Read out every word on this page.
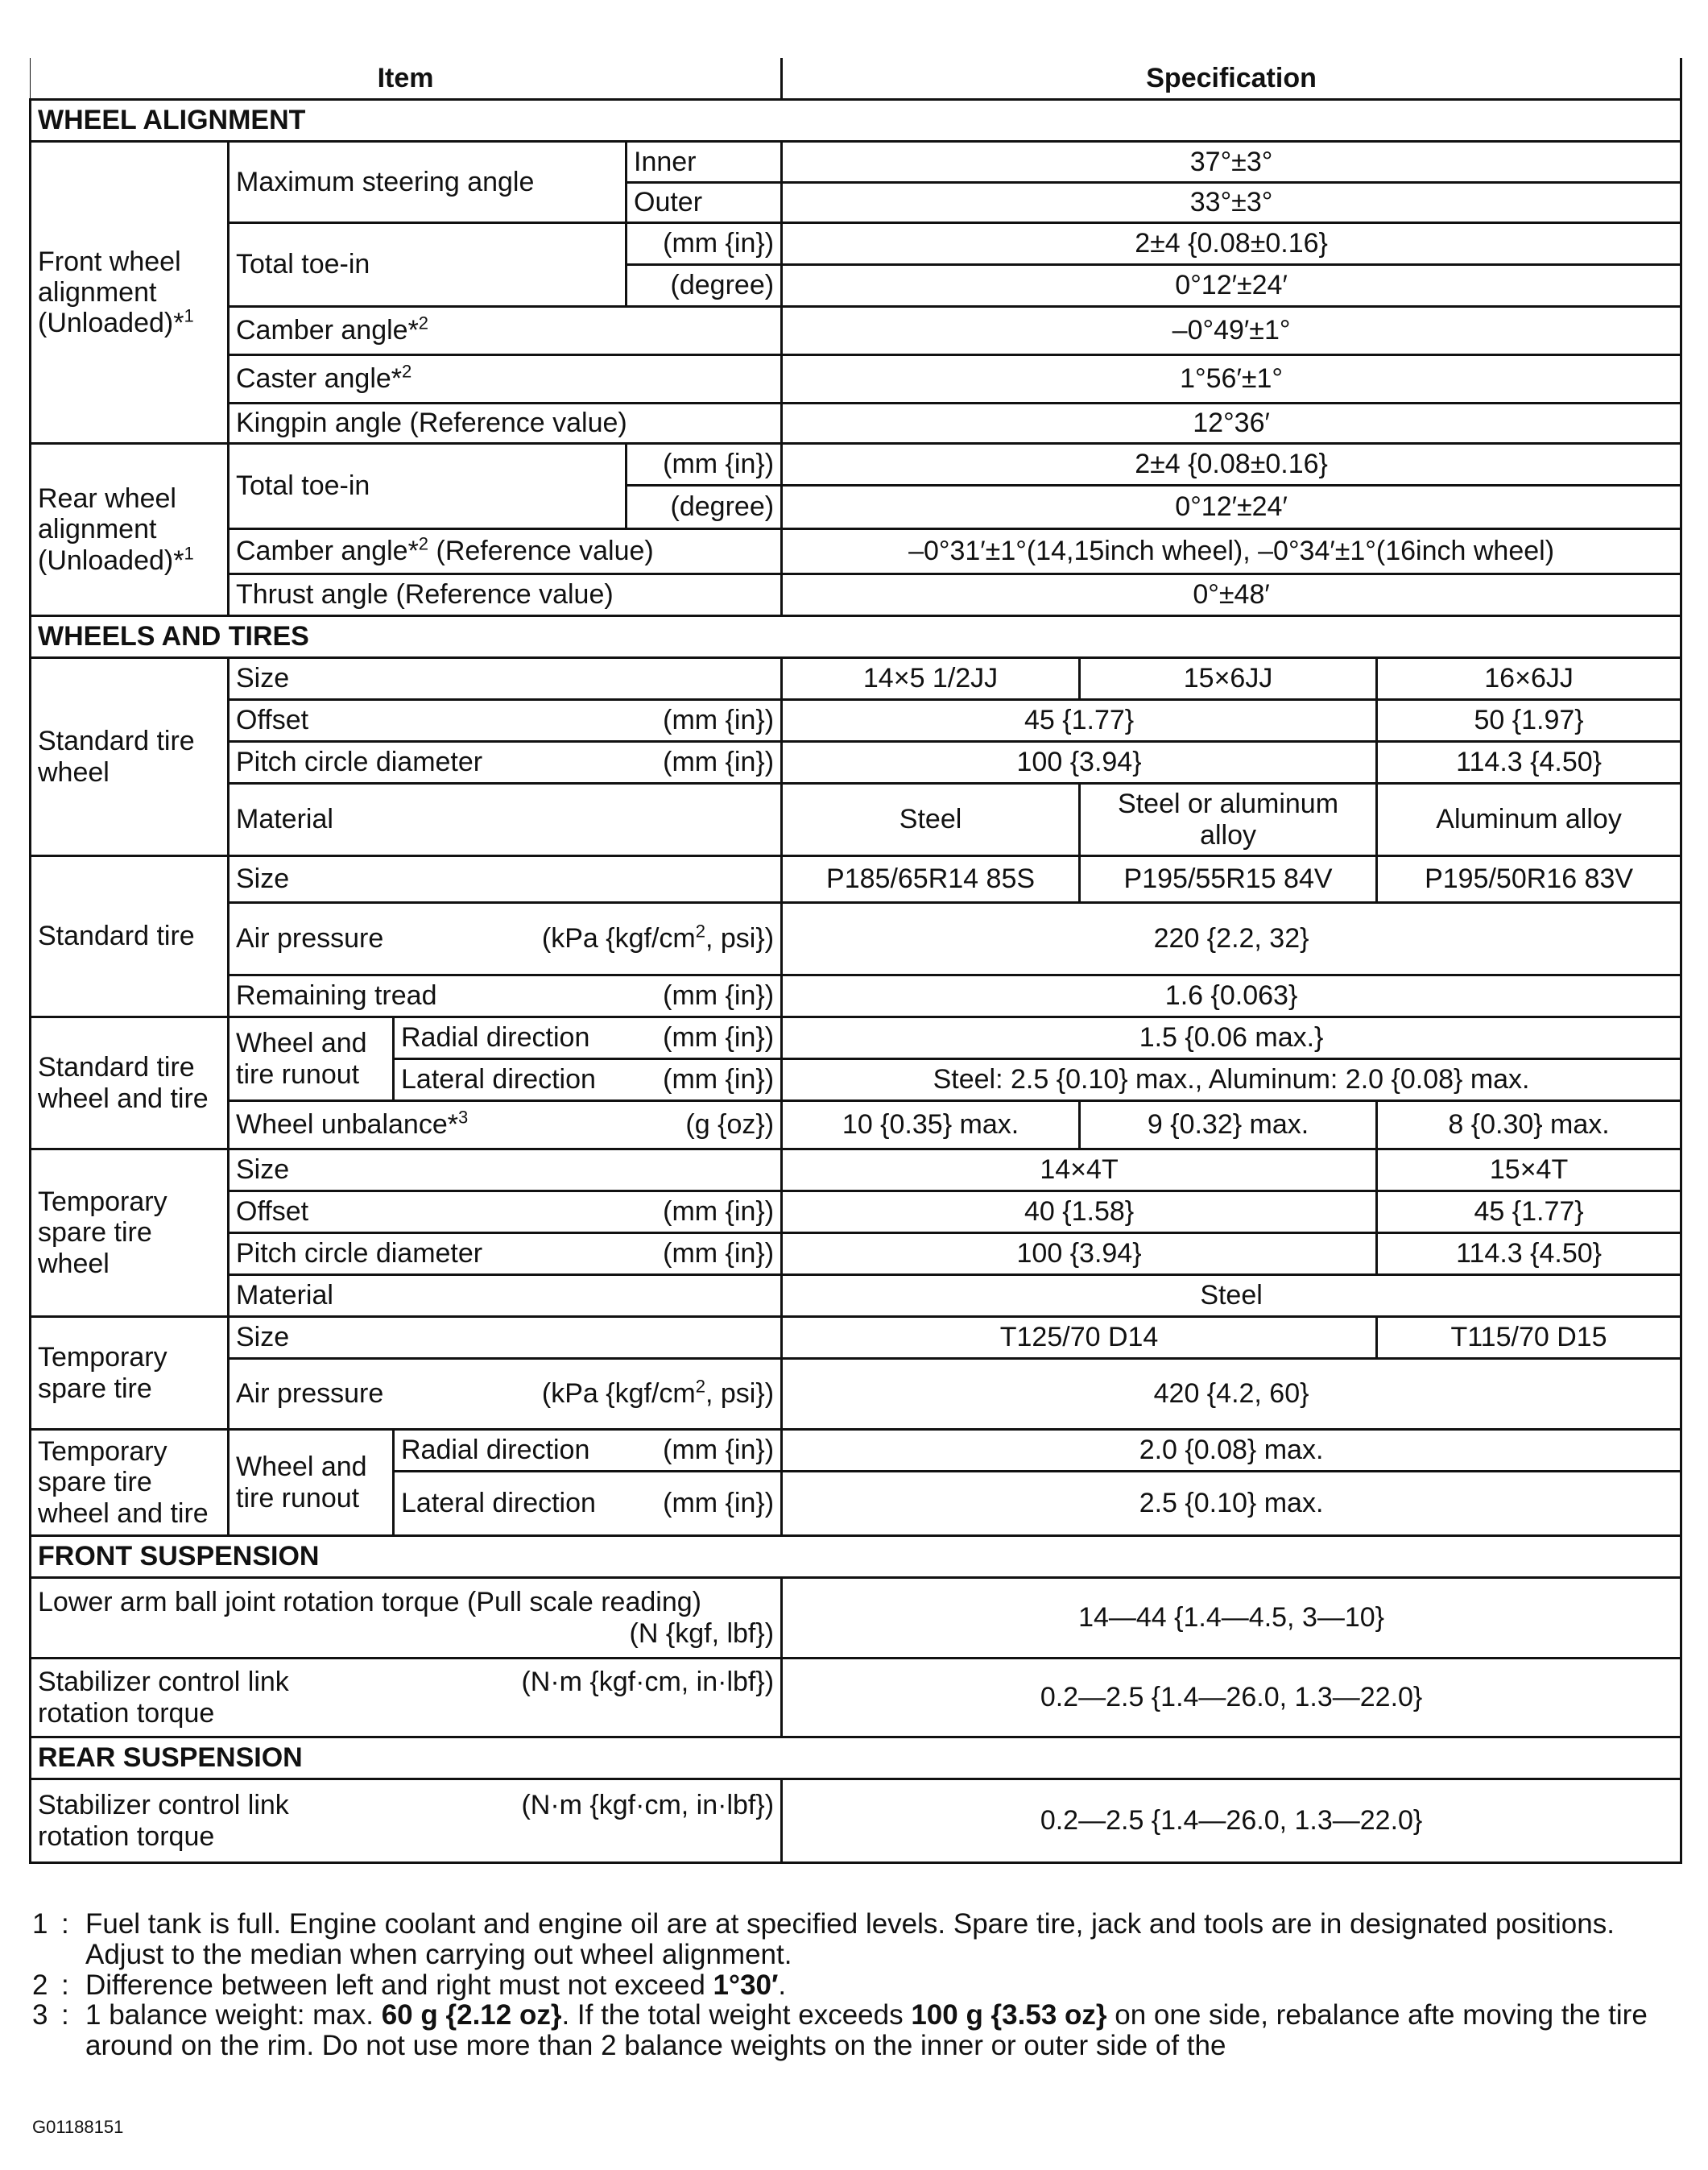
Item				Specification		
WHEEL ALIGNMENT						
Front wheel alignment (Unloaded)*$^1$	Maximum steering angle		Inner	37°±3°		
			Outer	33°±3°		
	Total toe-in		(mm {in})	2±4 {0.08±0.16}		
			(degree)	0°12′±24′		
	Camber angle*$^2$			–0°49′±1°		
	Caster angle*$^2$			1°56′±1°		
	Kingpin angle (Reference value)			12°36′		
Rear wheel alignment (Unloaded)*$^1$	Total toe-in		(mm {in})	2±4 {0.08±0.16}		
			(degree)	0°12′±24′		
	Camber angle*$^2$ (Reference value)			–0°31′±1°(14,15inch wheel), –0°34′±1°(16inch wheel)		
	Thrust angle (Reference value)			0°±48′		
WHEELS AND TIRES						
Standard tire wheel	Size			14×5 1/2JJ	15×6JJ	16×6JJ

	Offset (mm {in})			45 {1.77}		50 {1.97}

	Pitch circle diameter (mm {in})			100 {3.94}		114.3 {4.50}
	Material			Steel	Steel or aluminum alloy	Aluminum alloy
Standard tire	Size			P185/65R14 85S	P195/55R15 84V	P195/50R16 83V

	Air pressure (kPa {$kgf/cm^2$, psi})			220 {2.2, 32}		

	Remaining tread (mm {in})			1.6 {0.063}		
Standard tire wheel and tire	Wheel and tire runout	Radial direction (mm {in})		1.5 {0.06 max.}		

		Lateral direction (mm {in})		Steel: 2.5 {0.10} max., Aluminum: 2.0 {0.08} max.		

	Wheel unbalance*$^3$ (g {oz})			10 {0.35} max.	9 {0.32} max.	8 {0.30} max.
Temporary spare tire wheel	Size			14×4T		15×4T

	Offset (mm {in})			40 {1.58}		45 {1.77}

	Pitch circle diameter (mm {in})			100 {3.94}		114.3 {4.50}
	Material			Steel		
Temporary spare tire	Size			T125/70 D14		T115/70 D15

	Air pressure (kPa {$kgf/cm^2$, psi})			420 {4.2, 60}		
Temporary spare tire wheel and tire	Wheel and tire runout	Radial direction (mm {in})		2.0 {0.08} max.		

		Lateral direction (mm {in})		2.5 {0.10} max.		
FRONT SUSPENSION						

Lower arm ball joint rotation torque (Pull scale reading)
(N {kgf, lbf})				14—44 {1.4—4.5, 3—10}		

Stabilizer control link rotation torque
(N·m {kgf·cm, in·lbf})				0.2—2.5 {1.4—26.0, 1.3—22.0}		
REAR SUSPENSION						

Stabilizer control link rotation torque
(N·m {kgf·cm, in·lbf})				0.2—2.5 {1.4—26.0, 1.3—22.0}		
1 : Fuel tank is full. Engine coolant and engine oil are at specified levels. Spare tire, jack and tools are in designated positions. Adjust to the median when carrying out wheel alignment.
2 : Difference between left and right must not exceed 1°30′.
3 : 1 balance weight: max. 60 g {2.12 oz}. If the total weight exceeds 100 g {3.53 oz} on one side, rebalance afte moving the tire around on the rim. Do not use more than 2 balance weights on the inner or outer side of the
G01188151
